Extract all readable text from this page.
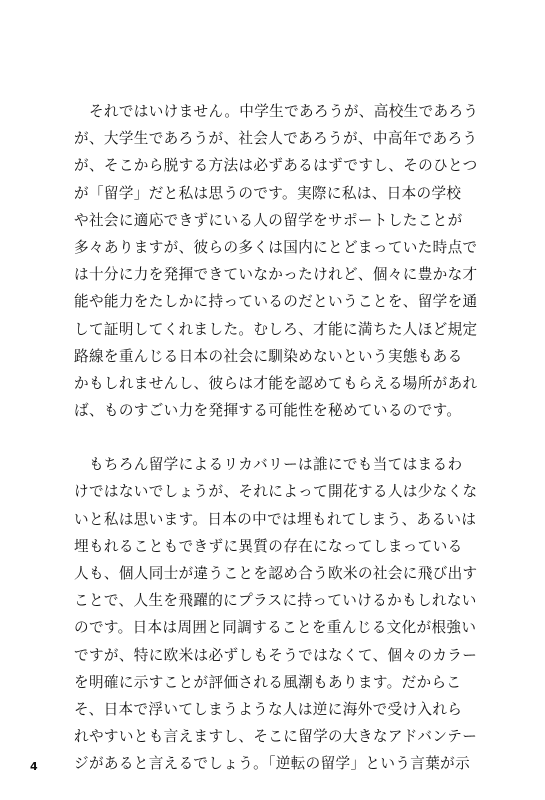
　それではいけません。中学生であろうが、高校生であろう
が、大学生であろうが、社会人であろうが、中高年であろう
が、そこから脱する方法は必ずあるはずですし、そのひとつ
が「留学」だと私は思うのです。実際に私は、日本の学校
や社会に適応できずにいる人の留学をサポートしたことが
多々ありますが、彼らの多くは国内にとどまっていた時点で
は十分に力を発揮できていなかったけれど、個々に豊かな才
能や能力をたしかに持っているのだということを、留学を通
して証明してくれました。むしろ、才能に満ちた人ほど規定
路線を重んじる日本の社会に馴染めないという実態もある
かもしれませんし、彼らは才能を認めてもらえる場所があれ
ば、ものすごい力を発揮する可能性を秘めているのです。

　もちろん留学によるリカバリーは誰にでも当てはまるわ
けではないでしょうが、それによって開花する人は少なくな
いと私は思います。日本の中では埋もれてしまう、あるいは
埋もれることもできずに異質の存在になってしまっている
人も、個人同士が違うことを認め合う欧米の社会に飛び出す
ことで、人生を飛躍的にプラスに持っていけるかもしれない
のです。日本は周囲と同調することを重んじる文化が根強い
ですが、特に欧米は必ずしもそうではなくて、個々のカラー
を明確に示すことが評価される風潮もあります。だからこ
そ、日本で浮いてしまうような人は逆に海外で受け入れら
れやすいとも言えますし、そこに留学の大きなアドバンテー
ジがあると言えるでしょう。「逆転の留学」という言葉が示

4
